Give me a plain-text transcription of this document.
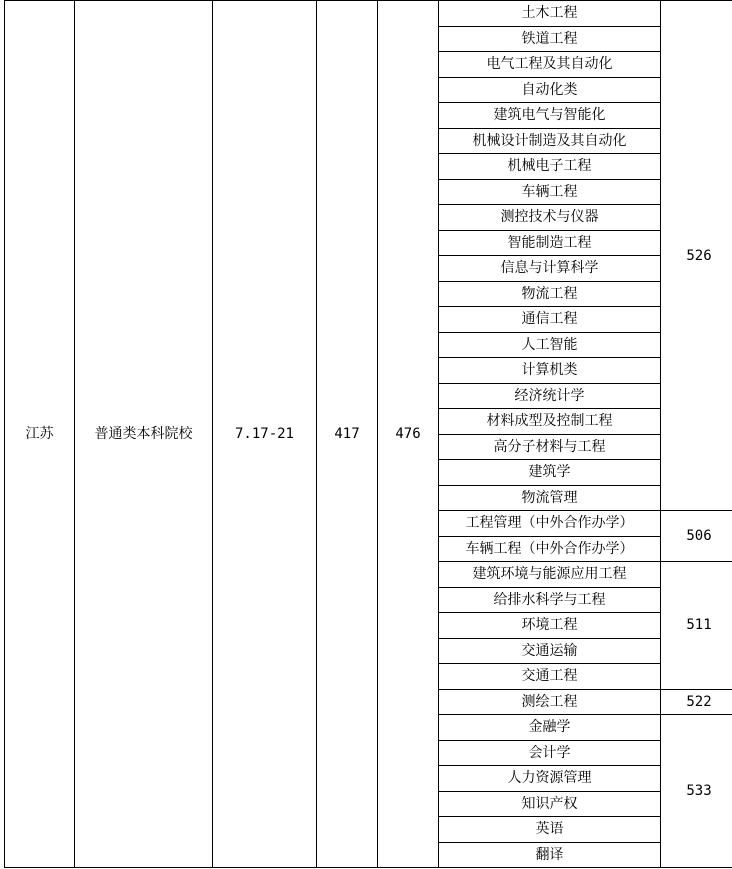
江苏	普通类本科院校	7.17-21	417	476	土木工程	526
					铁道工程	
					电气工程及其自动化	
					自动化类	
					建筑电气与智能化	
					机械设计制造及其自动化	
					机械电子工程	
					车辆工程	
					测控技术与仪器	
					智能制造工程	
					信息与计算科学	
					物流工程	
					通信工程	
					人工智能	
					计算机类	
					经济统计学	
					材料成型及控制工程	
					高分子材料与工程	
					建筑学	
					物流管理	
					工程管理（中外合作办学）	506
					车辆工程（中外合作办学）	
					建筑环境与能源应用工程	511
					给排水科学与工程	
					环境工程	
					交通运输	
					交通工程	
					测绘工程	522
					金融学	533
					会计学	
					人力资源管理	
					知识产权	
					英语	
					翻译	
